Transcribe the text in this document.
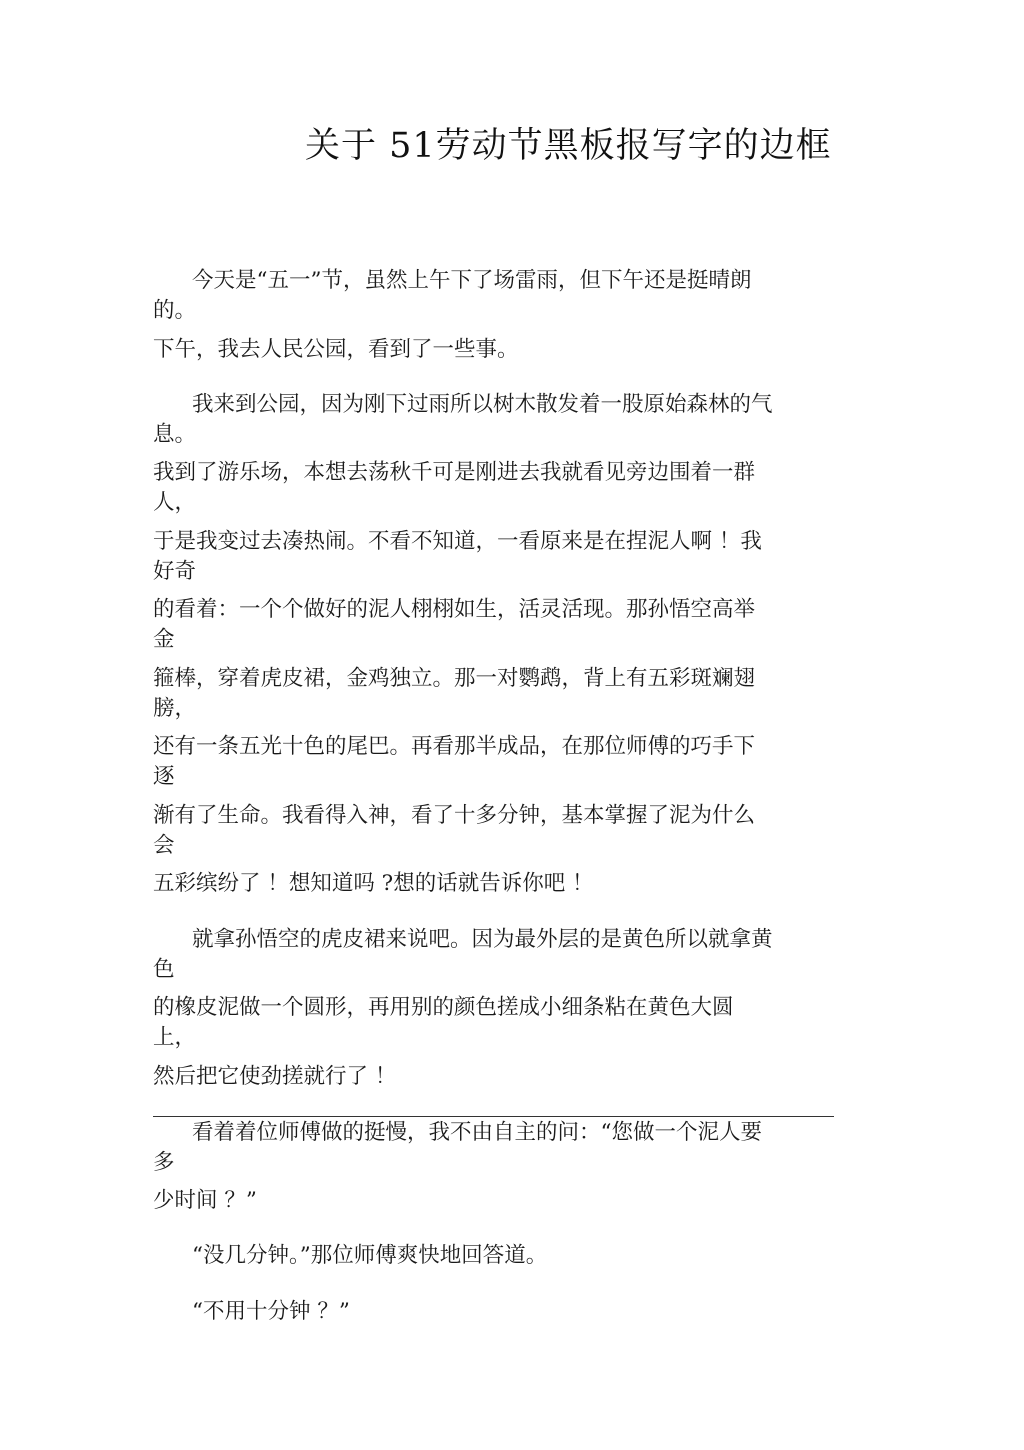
关于 51劳动节黑板报写字的边框
今天是“五一”节，虽然上午下了场雷雨，但下午还是挺晴朗
的。
下午，我去人民公园，看到了一些事。
我来到公园，因为刚下过雨所以树木散发着一股原始森林的气
息。
我到了游乐场，本想去荡秋千可是刚进去我就看见旁边围着一群
人，
于是我变过去凑热闹。不看不知道，一看原来是在捏泥人啊 ！我
好奇
的看着：一个个做好的泥人栩栩如生，活灵活现。那孙悟空高举
金
箍棒，穿着虎皮裙，金鸡独立。那一对鹦鹉，背上有五彩斑斓翅
膀，
还有一条五光十色的尾巴。再看那半成品，在那位师傅的巧手下
逐
渐有了生命。我看得入神，看了十多分钟，基本掌握了泥为什么
会
五彩缤纷了 ！想知道吗 ?想的话就告诉你吧 ！
就拿孙悟空的虎皮裙来说吧。因为最外层的是黄色所以就拿黄
色
的橡皮泥做一个圆形，再用别的颜色搓成小细条粘在黄色大圆
上，
然后把它使劲搓就行了 ！
看着着位师傅做的挺慢，我不由自主的问：“您做一个泥人要
多
少时间 ？”
“没几分钟。”那位师傅爽快地回答道。
“不用十分钟 ？”
